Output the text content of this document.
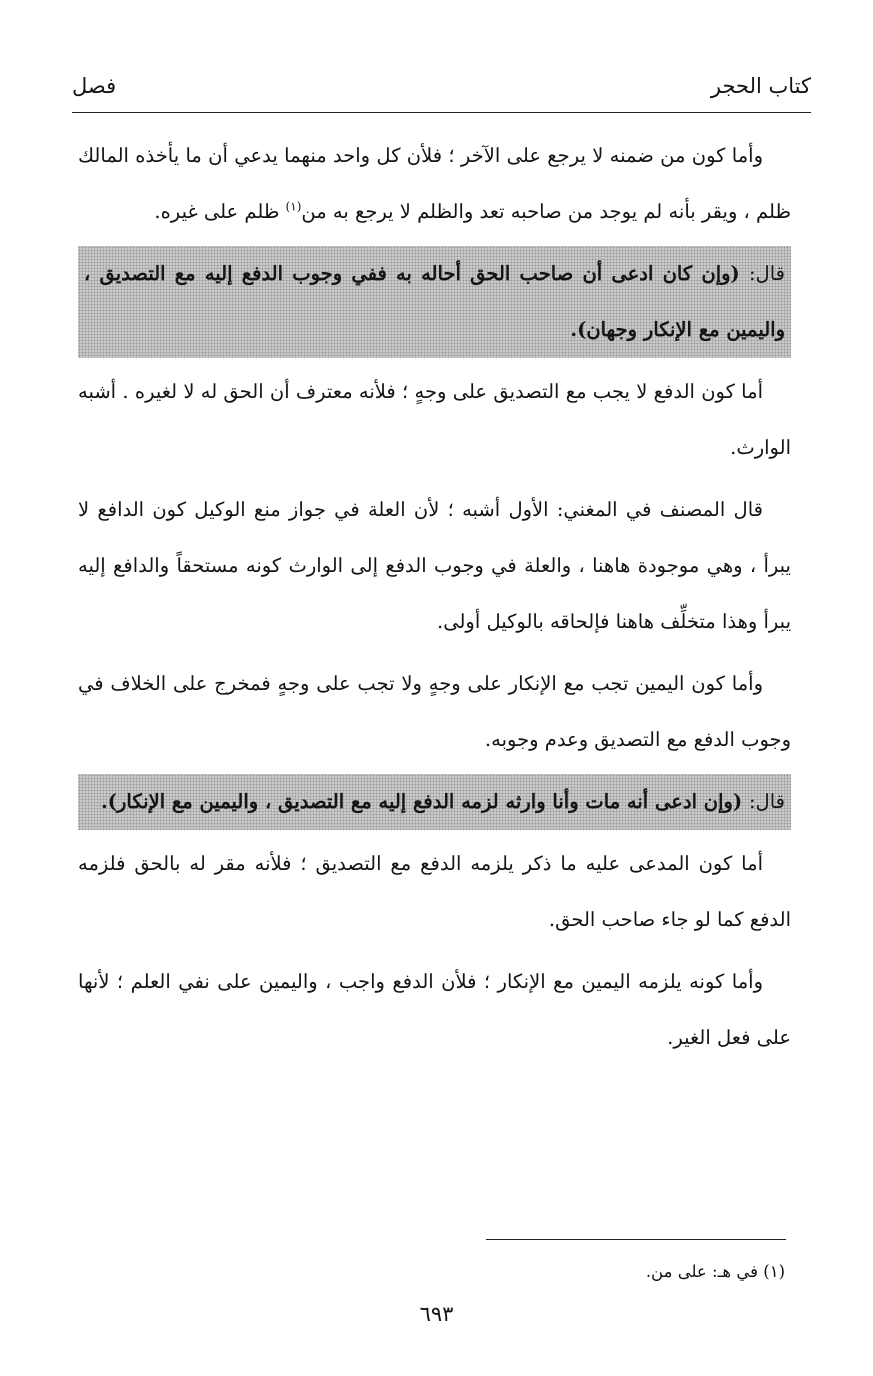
كتاب الحجر
فصل

وأما كون من ضمنه لا يرجع على الآخر ؛ فلأن كل واحد منهما يدعي أن ما يأخذه المالك ظلم ، ويقر بأنه لم يوجد من صاحبه تعد والظلم لا يرجع به من$^{(١)}$ ظلم على غيره.

قال: (وإن كان ادعى أن صاحب الحق أحاله به ففي وجوب الدفع إليه مع التصديق ، واليمين مع الإنكار وجهان).

أما كون الدفع لا يجب مع التصديق على وجهٍ ؛ فلأنه معترف أن الحق له لا لغيره . أشبه الوارث.

قال المصنف في المغني: الأول أشبه ؛ لأن العلة في جواز منع الوكيل كون الدافع لا يبرأ ، وهي موجودة هاهنا ، والعلة في وجوب الدفع إلى الوارث كونه مستحقاً والدافع إليه يبرأ وهذا متخلِّف هاهنا فإلحاقه بالوكيل أولى.

وأما كون اليمين تجب مع الإنكار على وجهٍ ولا تجب على وجهٍ فمخرج على الخلاف في وجوب الدفع مع التصديق وعدم وجوبه.

قال: (وإن ادعى أنه مات وأنا وارثه لزمه الدفع إليه مع التصديق ، واليمين مع الإنكار).

أما كون المدعى عليه ما ذكر يلزمه الدفع مع التصديق ؛ فلأنه مقر له بالحق فلزمه الدفع كما لو جاء صاحب الحق.

وأما كونه يلزمه اليمين مع الإنكار ؛ فلأن الدفع واجب ، واليمين على نفي العلم ؛ لأنها على فعل الغير.

(١) في هـ: على من.
٦٩٣
